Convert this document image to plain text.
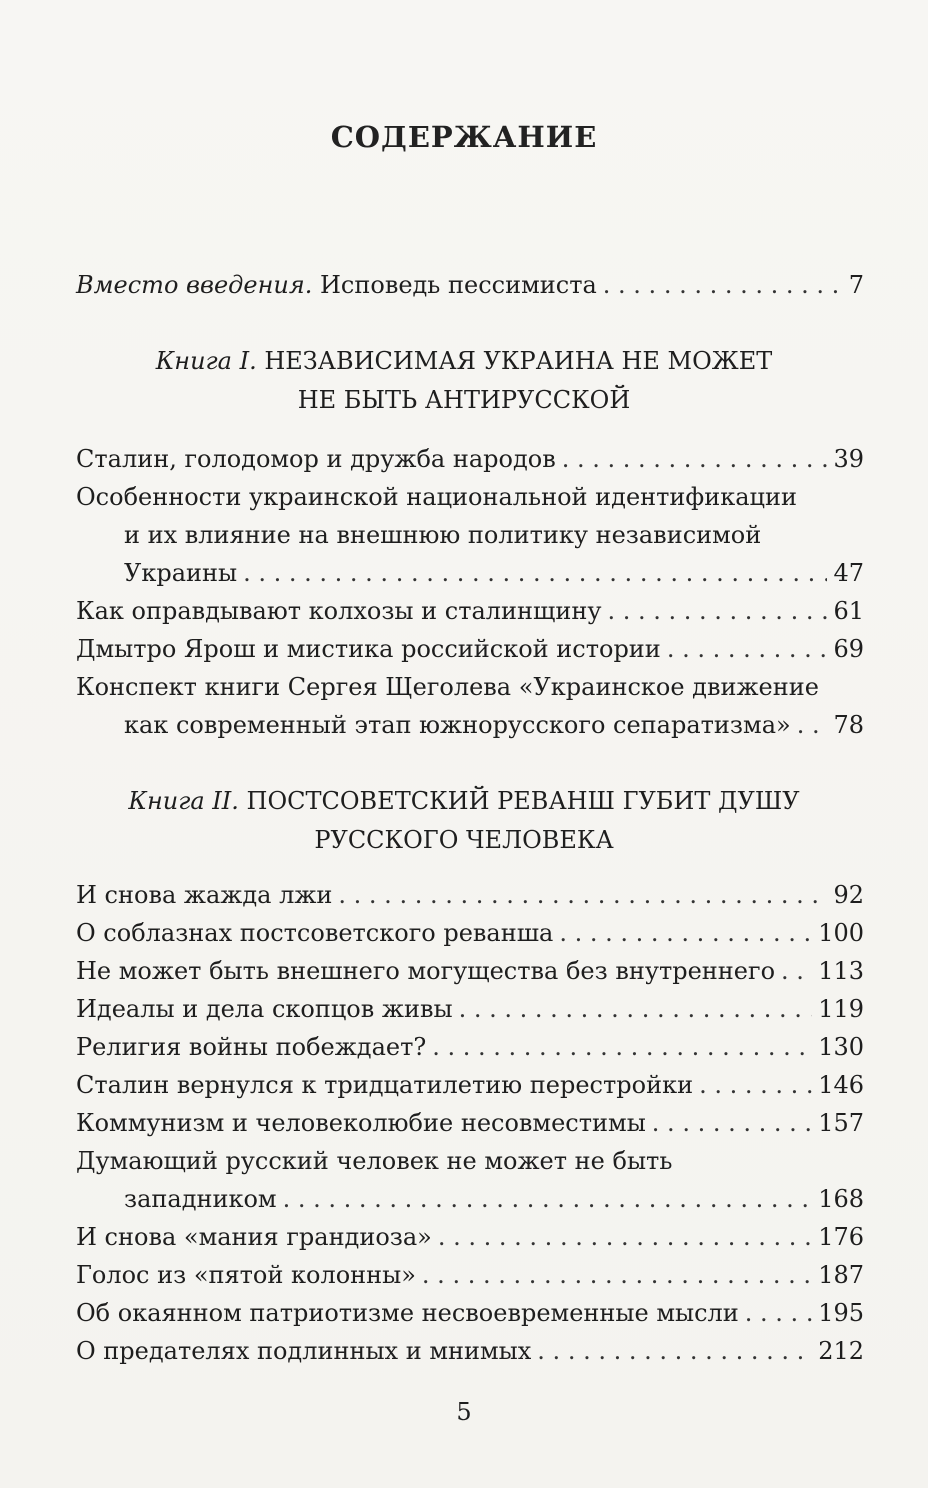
СОДЕРЖАНИЕ
Вместо введения. Исповедь пессимиста . . .	7
Книга I. НЕЗАВИСИМАЯ УКРАИНА НЕ МОЖЕТ
НЕ БЫТЬ АНТИРУССКОЙ
Сталин, голодомор и дружба народов . . .	39
Особенности украинской национальной идентификации
и их влияние на внешнюю политику независимой
Украины . . .	47
Как оправдывают колхозы и сталинщину . . .	61
Дмытро Ярош и мистика российской истории . . .	69
Конспект книги Сергея Щеголева «Украинское движение
как современный этап южнорусского сепаратизма» . . . 78
Книга II. ПОСТСОВЕТСКИЙ РЕВАНШ ГУБИТ ДУШУ
РУССКОГО ЧЕЛОВЕКА
И снова жажда лжи . . .	92
О соблазнах постсоветского реванша . . .	100
Не может быть внешнего могущества без внутреннего . . . 113
Идеалы и дела скопцов живы . . .	119
Религия войны побеждает? . . .	130
Сталин вернулся к тридцатилетию перестройки . . .	146
Коммунизм и человеколюбие несовместимы . . .	157
Думающий русский человек не может не быть
западником . . .	168
И снова «мания грандиоза» . . .	176
Голос из «пятой колонны» . . .	187
Об окаянном патриотизме несвоевременные мысли . . .	195
О предателях подлинных и мнимых . . .	212
5
